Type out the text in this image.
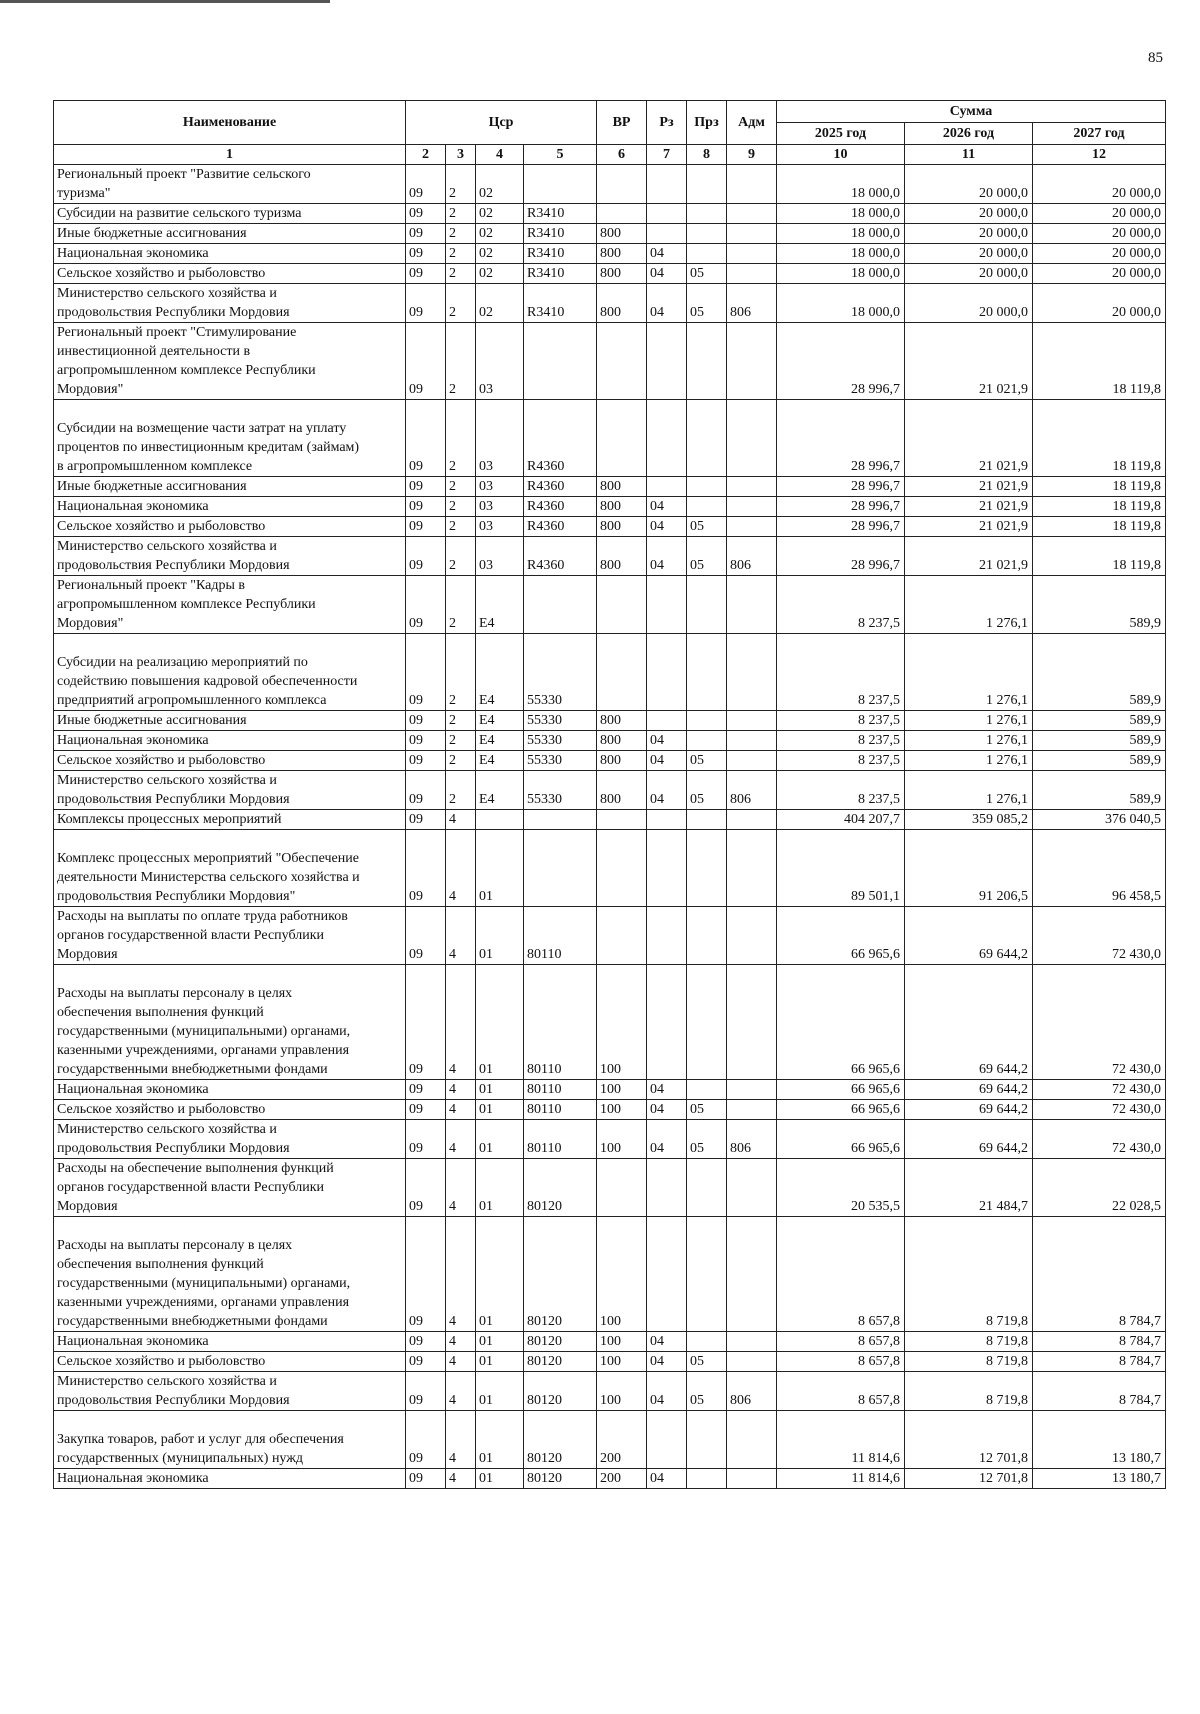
85
Наименование	Цср				ВР	Рз	Прз	Адм	Сумма		
									2025 год	2026 год	2027 год
1	2	3	4	5	6	7	8	9	10	11	12
Региональный проект "Развитие сельского
туризма"	09	2	02						18 000,0	20 000,0	20 000,0
Субсидии на развитие сельского туризма	09	2	02	R3410					18 000,0	20 000,0	20 000,0
Иные бюджетные ассигнования	09	2	02	R3410	800				18 000,0	20 000,0	20 000,0
Национальная экономика	09	2	02	R3410	800	04			18 000,0	20 000,0	20 000,0
Сельское хозяйство и рыболовство	09	2	02	R3410	800	04	05		18 000,0	20 000,0	20 000,0
Министерство сельского хозяйства и
продовольствия Республики Мордовия	09	2	02	R3410	800	04	05	806	18 000,0	20 000,0	20 000,0
Региональный проект "Стимулирование
инвестиционной деятельности в
агропромышленном комплексе Республики
Мордовия"	09	2	03						28 996,7	21 021,9	18 119,8

Субсидии на возмещение части затрат на уплату
процентов по инвестиционным кредитам (займам)
в агропромышленном комплексе	09	2	03	R4360					28 996,7	21 021,9	18 119,8
Иные бюджетные ассигнования	09	2	03	R4360	800				28 996,7	21 021,9	18 119,8
Национальная экономика	09	2	03	R4360	800	04			28 996,7	21 021,9	18 119,8
Сельское хозяйство и рыболовство	09	2	03	R4360	800	04	05		28 996,7	21 021,9	18 119,8
Министерство сельского хозяйства и
продовольствия Республики Мордовия	09	2	03	R4360	800	04	05	806	28 996,7	21 021,9	18 119,8
Региональный проект "Кадры в
агропромышленном комплексе Республики
Мордовия"	09	2	Е4						8 237,5	1 276,1	589,9

Субсидии на реализацию мероприятий по
содействию повышения кадровой обеспеченности
предприятий агропромышленного комплекса	09	2	Е4	55330					8 237,5	1 276,1	589,9
Иные бюджетные ассигнования	09	2	Е4	55330	800				8 237,5	1 276,1	589,9
Национальная экономика	09	2	Е4	55330	800	04			8 237,5	1 276,1	589,9
Сельское хозяйство и рыболовство	09	2	Е4	55330	800	04	05		8 237,5	1 276,1	589,9
Министерство сельского хозяйства и
продовольствия Республики Мордовия	09	2	Е4	55330	800	04	05	806	8 237,5	1 276,1	589,9
Комплексы процессных мероприятий	09	4							404 207,7	359 085,2	376 040,5

Комплекс процессных мероприятий "Обеспечение
деятельности Министерства сельского хозяйства и
продовольствия Республики Мордовия"	09	4	01						89 501,1	91 206,5	96 458,5
Расходы на выплаты по оплате труда работников
органов государственной власти Республики
Мордовия	09	4	01	80110					66 965,6	69 644,2	72 430,0

Расходы на выплаты персоналу в целях
обеспечения выполнения функций
государственными (муниципальными) органами,
казенными учреждениями, органами управления
государственными внебюджетными фондами	09	4	01	80110	100				66 965,6	69 644,2	72 430,0
Национальная экономика	09	4	01	80110	100	04			66 965,6	69 644,2	72 430,0
Сельское хозяйство и рыболовство	09	4	01	80110	100	04	05		66 965,6	69 644,2	72 430,0
Министерство сельского хозяйства и
продовольствия Республики Мордовия	09	4	01	80110	100	04	05	806	66 965,6	69 644,2	72 430,0
Расходы на обеспечение выполнения функций
органов государственной власти Республики
Мордовия	09	4	01	80120					20 535,5	21 484,7	22 028,5

Расходы на выплаты персоналу в целях
обеспечения выполнения функций
государственными (муниципальными) органами,
казенными учреждениями, органами управления
государственными внебюджетными фондами	09	4	01	80120	100				8 657,8	8 719,8	8 784,7
Национальная экономика	09	4	01	80120	100	04			8 657,8	8 719,8	8 784,7
Сельское хозяйство и рыболовство	09	4	01	80120	100	04	05		8 657,8	8 719,8	8 784,7
Министерство сельского хозяйства и
продовольствия Республики Мордовия	09	4	01	80120	100	04	05	806	8 657,8	8 719,8	8 784,7

Закупка товаров, работ и услуг для обеспечения
государственных (муниципальных) нужд	09	4	01	80120	200				11 814,6	12 701,8	13 180,7
Национальная экономика	09	4	01	80120	200	04			11 814,6	12 701,8	13 180,7
